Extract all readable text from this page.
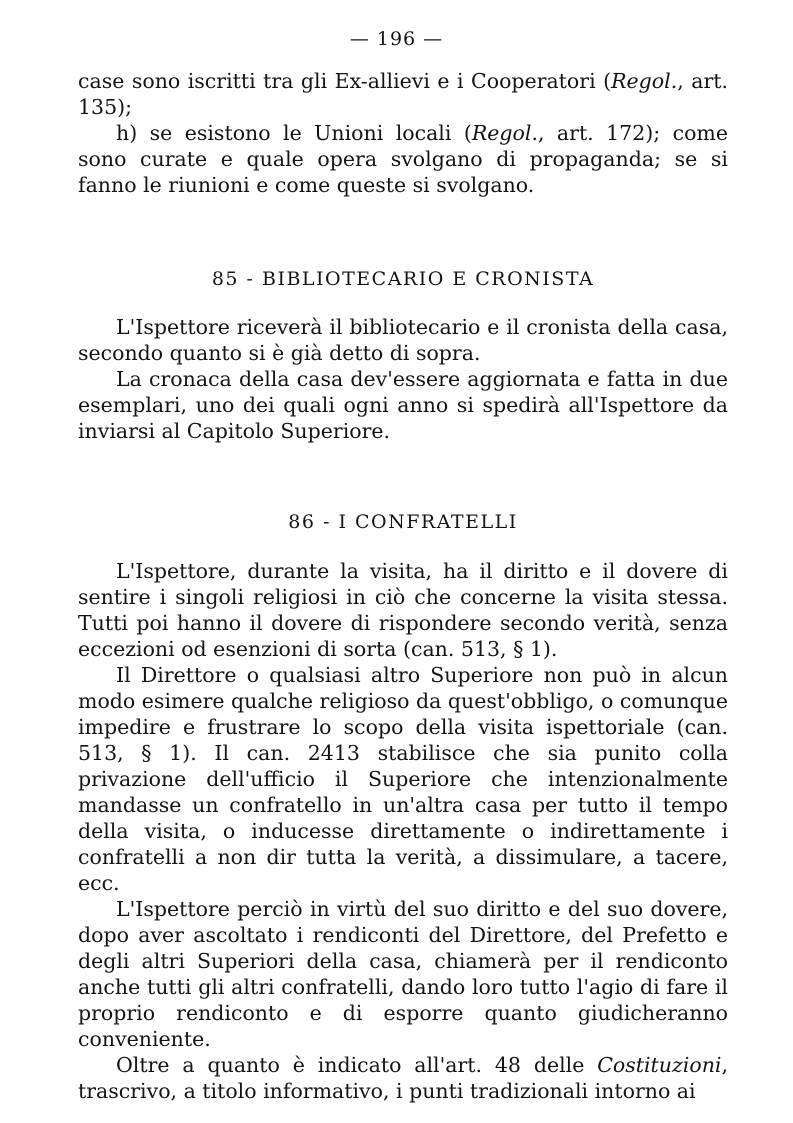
— 196 —

case sono iscritti tra gli Ex-allievi e i Cooperatori (Regol., art. 135);

h) se esistono le Unioni locali (Regol., art. 172); come sono curate e quale opera svolgano di propaganda; se si fanno le riunioni e come queste si svolgano.

85 - BIBLIOTECARIO E CRONISTA

L'Ispettore riceverà il bibliotecario e il cronista della casa, secondo quanto si è già detto di sopra.

La cronaca della casa dev'essere aggiornata e fatta in due esemplari, uno dei quali ogni anno si spedirà all'Ispettore da inviarsi al Capitolo Superiore.

86 - I CONFRATELLI

L'Ispettore, durante la visita, ha il diritto e il dovere di sentire i singoli religiosi in ciò che concerne la visita stessa. Tutti poi hanno il dovere di rispondere secondo verità, senza eccezioni od esenzioni di sorta (can. 513, § 1).

Il Direttore o qualsiasi altro Superiore non può in alcun modo esimere qualche religioso da quest'obbligo, o comunque impedire e frustrare lo scopo della visita ispettoriale (can. 513, § 1). Il can. 2413 stabilisce che sia punito colla privazione dell'ufficio il Superiore che intenzionalmente mandasse un confratello in un'altra casa per tutto il tempo della visita, o inducesse direttamente o indirettamente i confratelli a non dir tutta la verità, a dissimulare, a tacere, ecc.

L'Ispettore perciò in virtù del suo diritto e del suo dovere, dopo aver ascoltato i rendiconti del Direttore, del Prefetto e degli altri Superiori della casa, chiamerà per il rendiconto anche tutti gli altri confratelli, dando loro tutto l'agio di fare il proprio rendiconto e di esporre quanto giudicheranno conveniente.

Oltre a quanto è indicato all'art. 48 delle Costituzioni, trascrivo, a titolo informativo, i punti tradizionali intorno ai
